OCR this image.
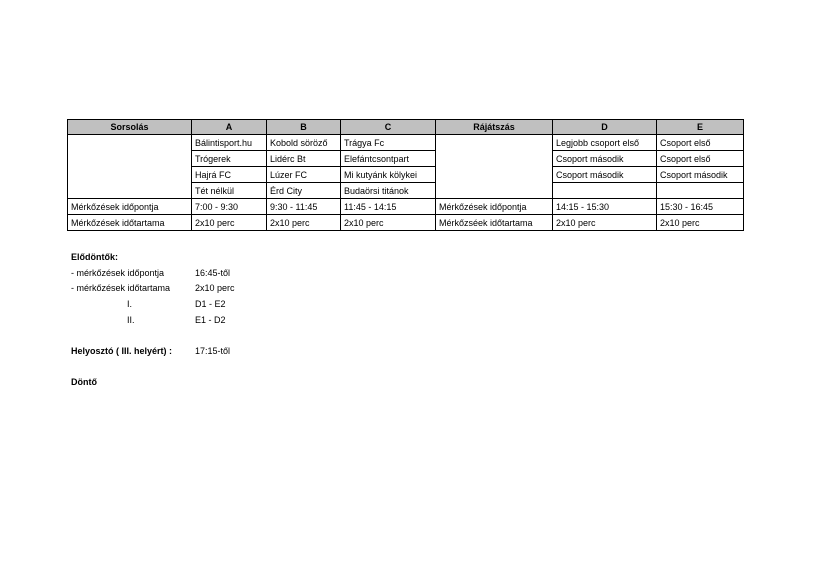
Sorsolás	A	B	C	Rájátszás	D	E
	Bálintisport.hu	Kobold söröző	Trágya Fc		Legjobb csoport első	Csoport első
	Trógerek	Lidérc Bt	Elefántcsontpart		Csoport második	Csoport első
	Hajrá FC	Lúzer FC	Mi kutyánk kölykei		Csoport második	Csoport második
	Tét nélkül	Érd City	Budaörsi titánok			
Mérkőzések időpontja	7:00 - 9:30	9:30 - 11:45	11:45 - 14:15	Mérkőzések időpontja	14:15 - 15:30	15:30 - 16:45
Mérkőzések időtartama	2x10 perc	2x10 perc	2x10 perc	Mérkőzséek időtartama	2x10 perc	2x10 perc
Elődöntők:
- mérkőzések időpontja	16:45-től
- mérkőzések időtartama	2x10 perc
I.	D1 - E2
II.	E1 - D2
Helyosztó ( III. helyért) :	17:15-től
Döntő
